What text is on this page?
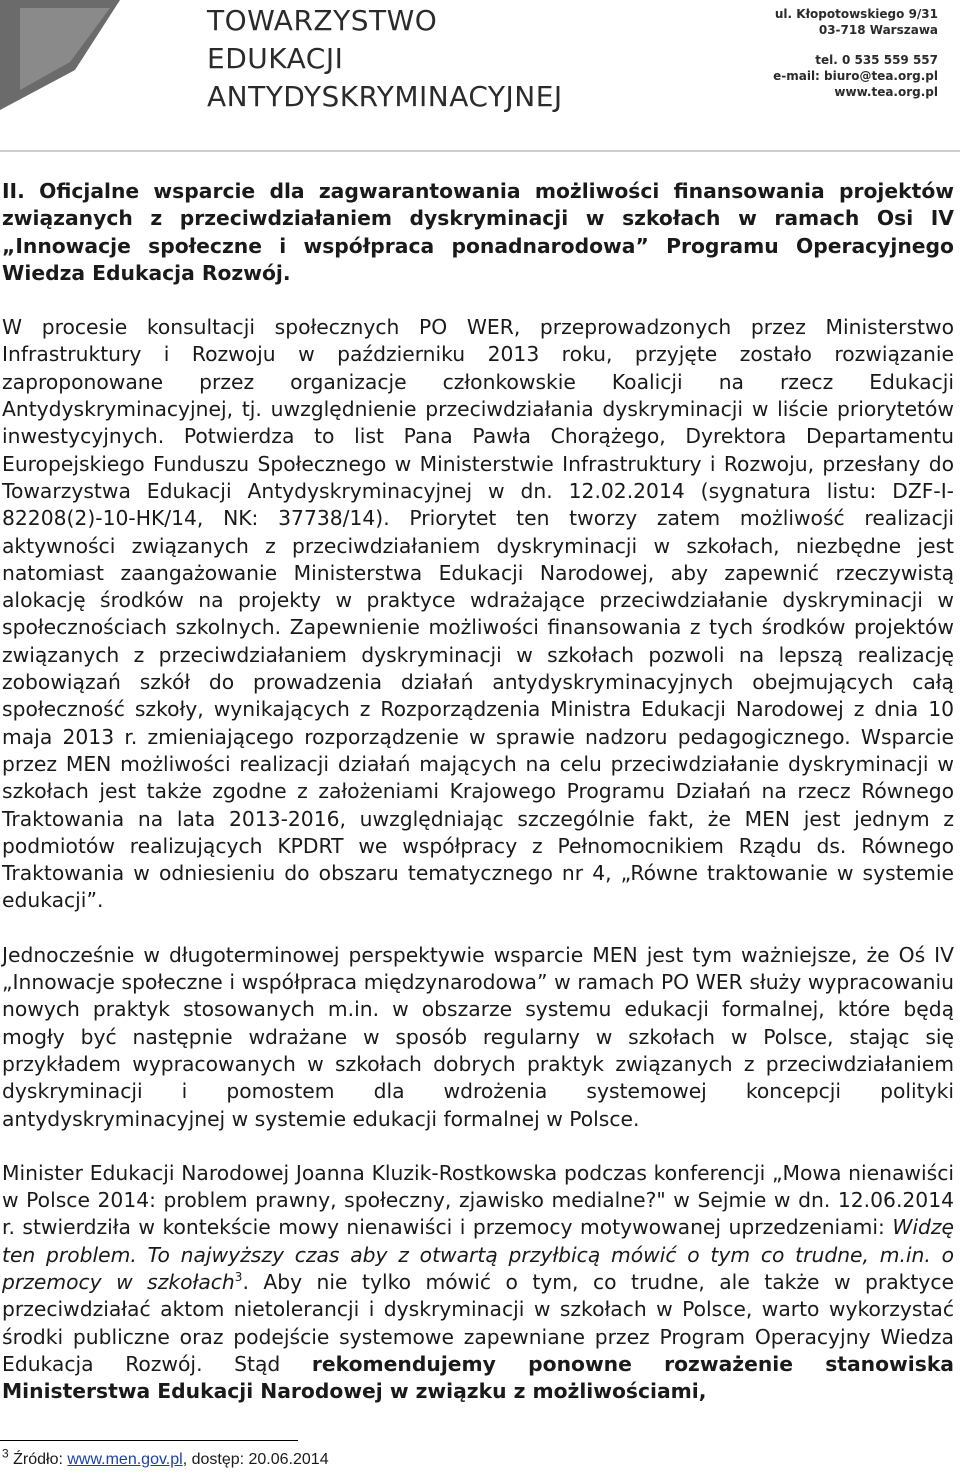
TOWARZYSTWO
EDUKACJI
ANTYDYSKRYMINACYJNEJ
ul. Kłopotowskiego 9/31
03-718 Warszawa
tel. 0 535 559 557
e-mail: biuro@tea.org.pl
www.tea.org.pl

II. Oficjalne wsparcie dla zagwarantowania możliwości finansowania projektów związanych z przeciwdziałaniem dyskryminacji w szkołach w ramach Osi IV „Innowacje społeczne i współpraca ponadnarodowa” Programu Operacyjnego Wiedza Edukacja Rozwój.

W procesie konsultacji społecznych PO WER, przeprowadzonych przez Ministerstwo Infrastruktury i Rozwoju w październiku 2013 roku, przyjęte zostało rozwiązanie zaproponowane przez organizacje członkowskie Koalicji na rzecz Edukacji Antydyskryminacyjnej, tj. uwzględnienie przeciwdziałania dyskryminacji w liście priorytetów inwestycyjnych. Potwierdza to list Pana Pawła Chorążego, Dyrektora Departamentu Europejskiego Funduszu Społecznego w Ministerstwie Infrastruktury i Rozwoju, przesłany do Towarzystwa Edukacji Antydyskryminacyjnej w dn. 12.02.2014 (sygnatura listu: DZF-I-82208(2)-10-HK/14, NK: 37738/14). Priorytet ten tworzy zatem możliwość realizacji aktywności związanych z przeciwdziałaniem dyskryminacji w szkołach, niezbędne jest natomiast zaangażowanie Ministerstwa Edukacji Narodowej, aby zapewnić rzeczywistą alokację środków na projekty w praktyce wdrażające przeciwdziałanie dyskryminacji w społecznościach szkolnych. Zapewnienie możliwości finansowania z tych środków projektów związanych z przeciwdziałaniem dyskryminacji w szkołach pozwoli na lepszą realizację zobowiązań szkół do prowadzenia działań antydyskryminacyjnych obejmujących całą społeczność szkoły, wynikających z Rozporządzenia Ministra Edukacji Narodowej z dnia 10 maja 2013 r. zmieniającego rozporządzenie w sprawie nadzoru pedagogicznego. Wsparcie przez MEN możliwości realizacji działań mających na celu przeciwdziałanie dyskryminacji w szkołach jest także zgodne z założeniami Krajowego Programu Działań na rzecz Równego Traktowania na lata 2013-2016, uwzględniając szczególnie fakt, że MEN jest jednym z podmiotów realizujących KPDRT we współpracy z Pełnomocnikiem Rządu ds. Równego Traktowania w odniesieniu do obszaru tematycznego nr 4, „Równe traktowanie w systemie edukacji”.

Jednocześnie w długoterminowej perspektywie wsparcie MEN jest tym ważniejsze, że Oś IV „Innowacje społeczne i współpraca międzynarodowa” w ramach PO WER służy wypracowaniu nowych praktyk stosowanych m.in. w obszarze systemu edukacji formalnej, które będą mogły być następnie wdrażane w sposób regularny w szkołach w Polsce, stając się przykładem wypracowanych w szkołach dobrych praktyk związanych z przeciwdziałaniem dyskryminacji i pomostem dla wdrożenia systemowej koncepcji polityki antydyskryminacyjnej w systemie edukacji formalnej w Polsce.

Minister Edukacji Narodowej Joanna Kluzik-Rostkowska podczas konferencji „Mowa nienawiści w Polsce 2014: problem prawny, społeczny, zjawisko medialne?" w Sejmie w dn. 12.06.2014 r. stwierdziła w kontekście mowy nienawiści i przemocy motywowanej uprzedzeniami: Widzę ten problem. To najwyższy czas aby z otwartą przyłbicą mówić o tym co trudne, m.in. o przemocy w szkołach$^3$. Aby nie tylko mówić o tym, co trudne, ale także w praktyce przeciwdziałać aktom nietolerancji i dyskryminacji w szkołach w Polsce, warto wykorzystać środki publiczne oraz podejście systemowe zapewniane przez Program Operacyjny Wiedza Edukacja Rozwój. Stąd rekomendujemy ponowne rozważenie stanowiska Ministerstwa Edukacji Narodowej w związku z możliwościami,

$^3$ Źródło: www.men.gov.pl, dostęp: 20.06.2014
